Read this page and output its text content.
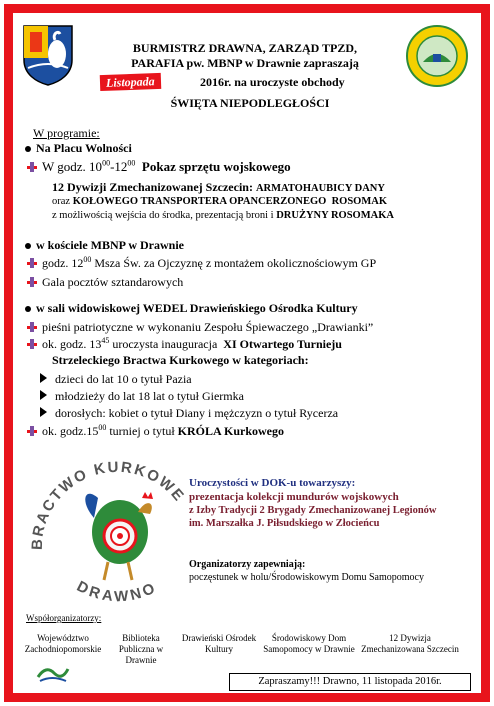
BURMISTRZ DRAWNA, ZARZĄD TPZD,
PARAFIA pw. MBNP w Drawnie zapraszają
Listopada	2016r. na uroczyste obchody
ŚWIĘTA NIEPODLEGŁOŚCI
W programie:
Na Placu Wolności
W godz. $10^{00}-12^{00}$ Pokaz sprzętu wojskowego
12 Dywizji Zmechanizowanej Szczecin: ARMATOHAUBICY DANY
oraz KOŁOWEGO TRANSPORTERA OPANCERZONEGO ROSOMAK
z możliwością wejścia do środka, prezentacją broni i DRUŻYNY ROSOMAKA
w kościele MBNP w Drawnie
godz. $12^{00}$ Msza Św. za Ojczyznę z montażem okolicznościowym GP
Gala pocztów sztandarowych
w sali widowiskowej WEDEL Drawieńskiego Ośrodka Kultury
pieśni patriotyczne w wykonaniu Zespołu Śpiewaczego „Drawianki”
ok. godz. $13^{45}$ uroczysta inauguracja XI Otwartego Turnieju
Strzeleckiego Bractwa Kurkowego w kategoriach:
dzieci do lat 10 o tytuł Pazia
młodzieży do lat 18 lat o tytuł Giermka
dorosłych: kobiet o tytuł Diany i mężczyzn o tytuł Rycerza
ok. $godz.15^{00}$ turniej o tytuł KRÓLA Kurkowego
BRACTWO KURKOWE
DRAWNO
Uroczystości w DOK-u towarzyszy:
prezentacja kolekcji mundurów wojskowych
z Izby Tradycji 2 Brygady Zmechanizowanej Legionów
im. Marszałka J. Piłsudskiego w Złocieńcu
Organizatorzy zapewniają:
poczęstunek w holu/Środowiskowym Domu Samopomocy
Współorganizatorzy:
Województwo Zachodniopomorskie
Biblioteka Publiczna w Drawnie
Drawieński Ośrodek Kultury
Środowiskowy Dom Samopomocy w Drawnie
12 Dywizja Zmechanizowana Szczecin
Zapraszamy!!! Drawno, 11 listopada 2016r.
